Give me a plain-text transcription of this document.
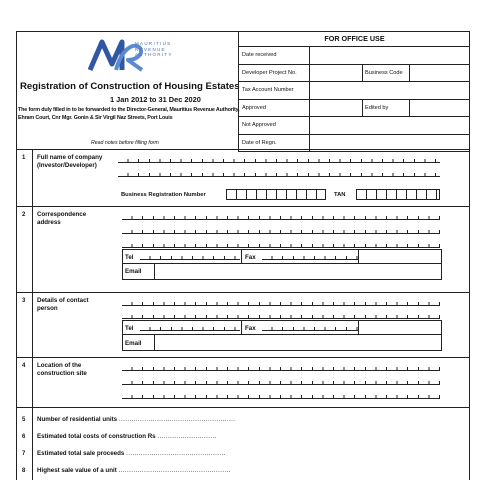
MAURITIUS
REVENUE
AUTHORITY
Registration of Construction of Housing Estates
1 Jan 2012 to 31 Dec 2020
The form duly filled in to be forwarded to the Director-General, Mauritius Revenue Authority, Ehram Court, Cnr Mgr. Gonin & Sir Virgil Naz Streets, Port Louis
Read notes before filling form
FOR OFFICE USE
Date received
Developer Project No.	Business Code
Tax Account Number
Approved	Edited by
Not Approved
Date of Regn.
1 Full name of company (Investor/Developer)
Business Registration Number	TAN
2 Correspondence address
Tel	Fax
Email
3 Details of contact person
Tel	Fax
Email
4 Location of the construction site
5 Number of residential units .......................................................
6 Estimated total costs of construction Rs ............................
7 Estimated total sale proceeds ...............................................
8 Highest sale value of a unit .....................................................
